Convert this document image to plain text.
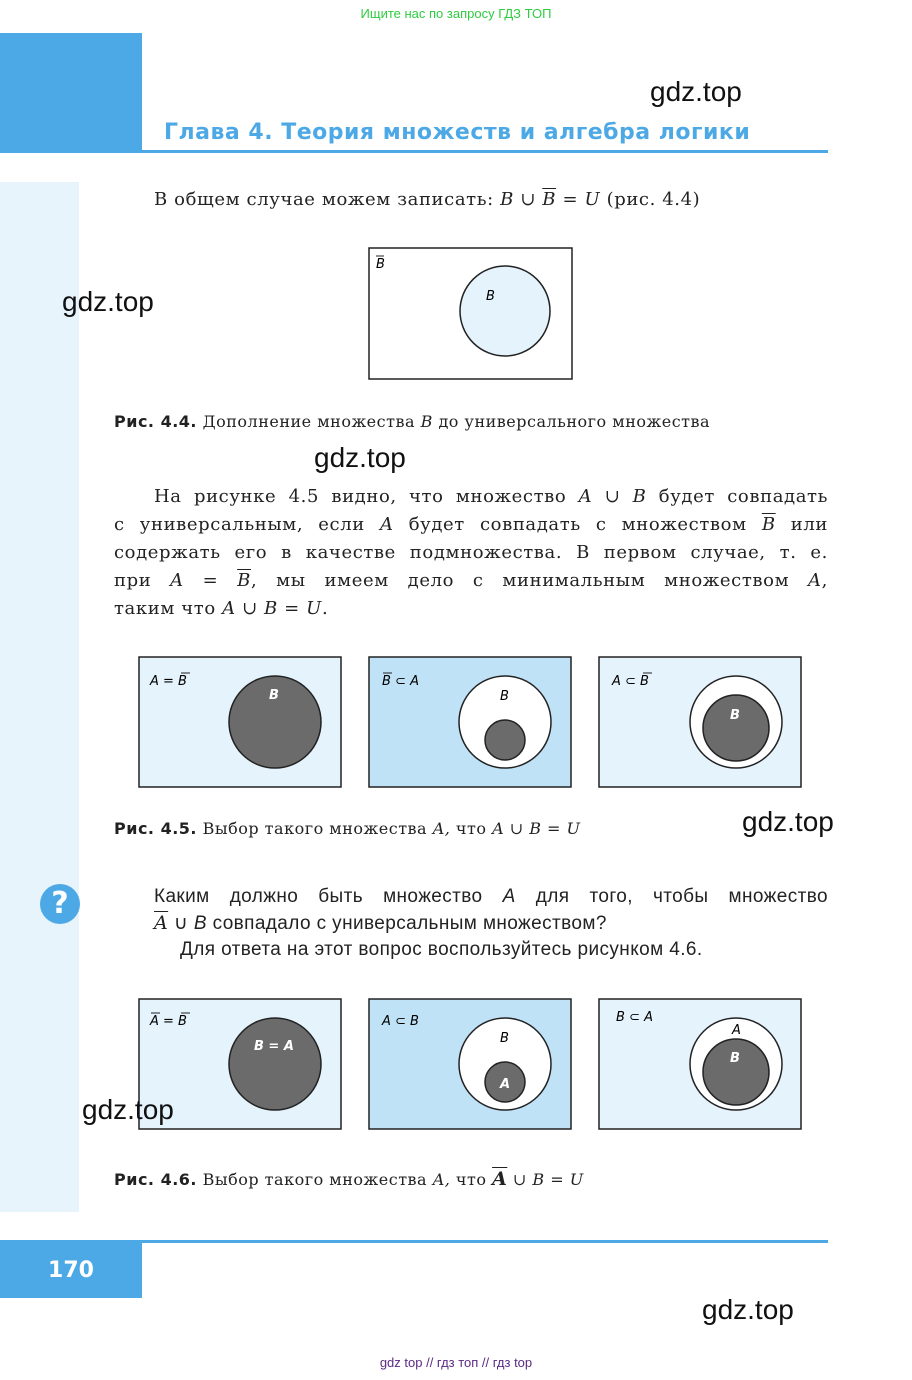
Ищите нас по запросу ГДЗ ТОП
Глава 4. Теория множеств и алгебра логики
gdz.top
В общем случае можем записать: B ∪ $\overline{B} = U$ (рис. 4.4)
gdz.top
B
B
Рис. 4.4. Дополнение множества B до универсального множества
gdz.top
На рисунке 4.5 видно, что множество A ∪ B будет совпадать
с универсальным, если A будет совпадать с множеством $\overline{B}$ или
содержать его в качестве подмножества. В первом случае, т. е.
при $A = \overline{B}$, мы имеем дело с минимальным множеством A,
таким что A ∪ B = U.
A = B
B
B ⊂ A
B
A ⊂ B
B
Рис. 4.5. Выбор такого множества A, что A ∪ B = U	gdz.top
?	Каким должно быть множество A для того, чтобы множество
$\overline{A}$ ∪ B совпадало с универсальным множеством?
Для ответа на этот вопрос воспользуйтесь рисунком 4.6.
A = B
B = A
A ⊂ B
B
A
B ⊂ A
A
B
gdz.top
Рис. 4.6. Выбор такого множества A, что $\overline{A}$ ∪ B = U
170
gdz.top
gdz top // гдз топ // гдз top
